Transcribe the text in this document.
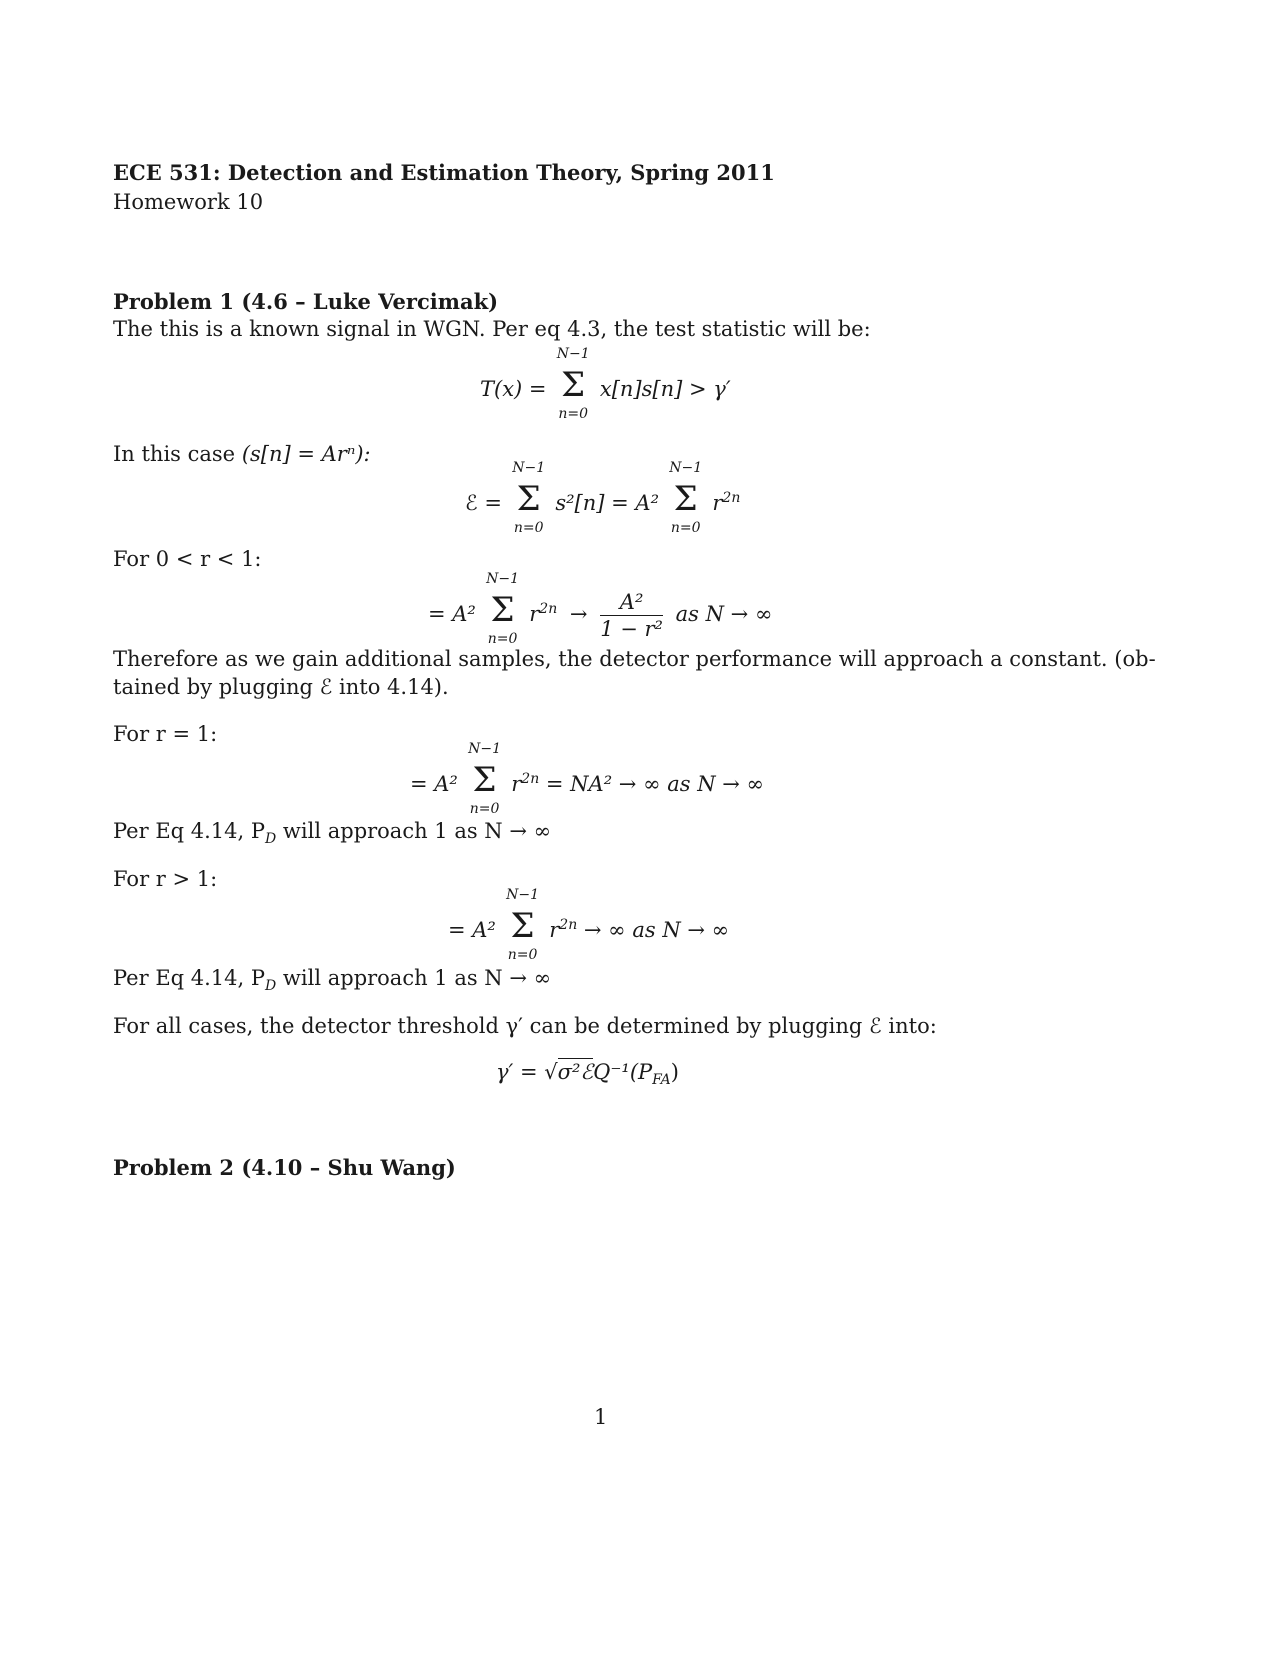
ECE 531: Detection and Estimation Theory, Spring 2011
Homework 10
Problem 1 (4.6 – Luke Vercimak)
The this is a known signal in WGN. Per eq 4.3, the test statistic will be:
T(x) =
N−1
Σ
n=0
x[n]s[n] > γ′
In this case (s[n] = Arⁿ):
ℰ =
N−1
Σ
n=0
s²[n] = A²
N−1
Σ
n=0
$r^{2n}$
For 0 < r < 1:
= A²
N−1
Σ
n=0
$r^{2n} \to \frac{\text{A²}}{\text{1 − r²}}$ as N → ∞
Therefore as we gain additional samples, the detector performance will approach a constant. (ob-
tained by plugging ℰ into 4.14).
For r = 1:
= A²
N−1
Σ
n=0
$r^{2n} = NA^2$ → ∞ as N → ∞
Per Eq 4.14, $P_D$ will approach 1 as N → ∞
For r > 1:
= A²
N−1
Σ
n=0
$r^{2n}$ → ∞ as N → ∞
Per Eq 4.14, $P_D$ will approach 1 as N → ∞
For all cases, the detector threshold γ′ can be determined by plugging ℰ into:
$\gamma' = √\sigma^2ℰQ^{-1}(P_{FA})$
Problem 2 (4.10 – Shu Wang)
1
